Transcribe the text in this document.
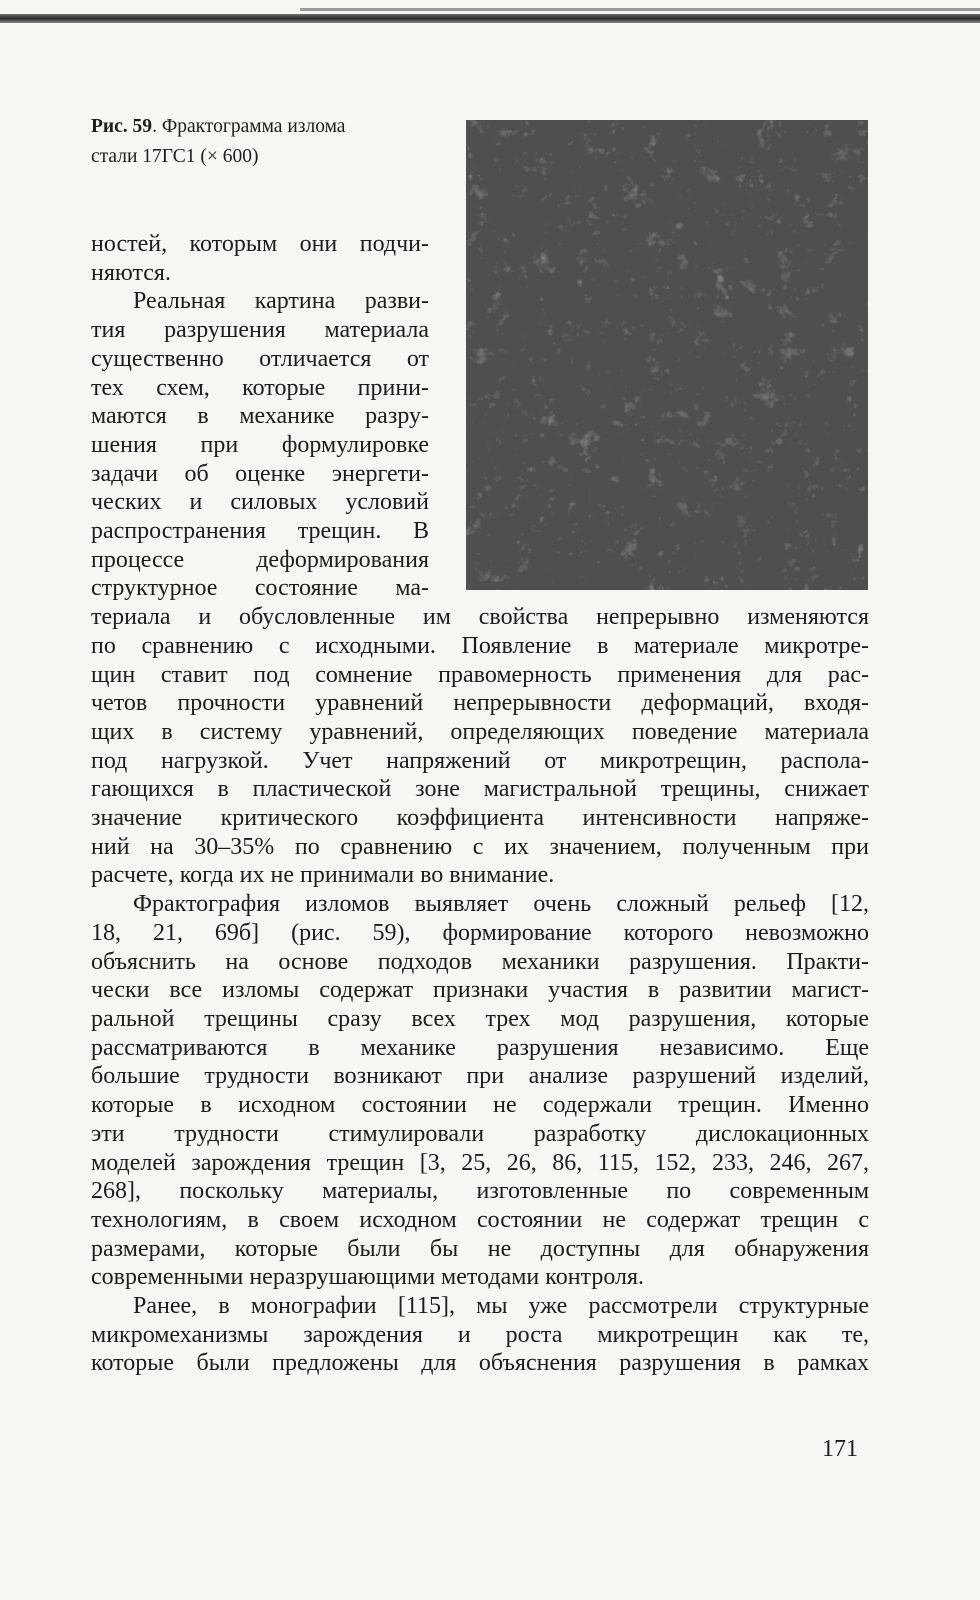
Рис. 59. Фрактограмма излома
стали 17ГС1 (× 600)
ностей, которым они подчи-
няются.
Реальная картина разви-
тия разрушения материала
существенно отличается от
тех схем, которые прини-
маются в механике разру-
шения при формулировке
задачи об оценке энергети-
ческих и силовых условий
распространения трещин. В
процессе деформирования
структурное состояние ма-
териала и обусловленные им свойства непрерывно изменяются
по сравнению с исходными. Появление в материале микротре-
щин ставит под сомнение правомерность применения для рас-
четов прочности уравнений непрерывности деформаций, входя-
щих в систему уравнений, определяющих поведение материала
под нагрузкой. Учет напряжений от микротрещин, распола-
гающихся в пластической зоне магистральной трещины, снижает
значение критического коэффициента интенсивности напряже-
ний на 30–35% по сравнению с их значением, полученным при
расчете, когда их не принимали во внимание.
Фрактография изломов выявляет очень сложный рельеф [12,
18, 21, 69б] (рис. 59), формирование которого невозможно
объяснить на основе подходов механики разрушения. Практи-
чески все изломы содержат признаки участия в развитии магист-
ральной трещины сразу всех трех мод разрушения, которые
рассматриваются в механике разрушения независимо. Еще
большие трудности возникают при анализе разрушений изделий,
которые в исходном состоянии не содержали трещин. Именно
эти трудности стимулировали разработку дислокационных
моделей зарождения трещин [3, 25, 26, 86, 115, 152, 233, 246, 267,
268], поскольку материалы, изготовленные по современным
технологиям, в своем исходном состоянии не содержат трещин с
размерами, которые были бы не доступны для обнаружения
современными неразрушающими методами контроля.
Ранее, в монографии [115], мы уже рассмотрели структурные
микромеханизмы зарождения и роста микротрещин как те,
которые были предложены для объяснения разрушения в рамках
171
